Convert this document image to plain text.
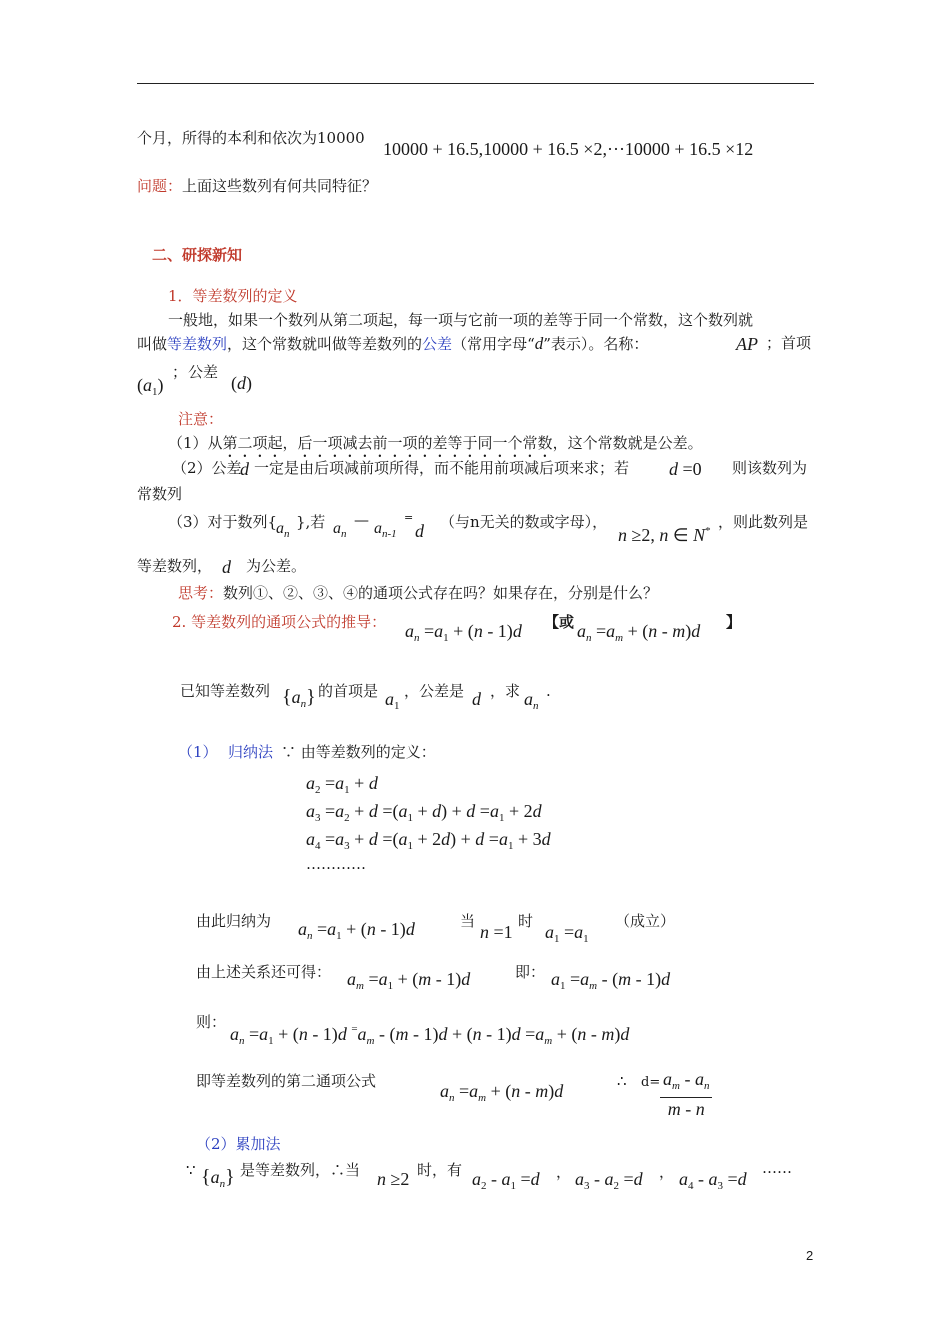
个月，所得的本利和依次为10000
10000 + 16.5,10000 + 16.5 ×2,···10000 + 16.5 ×12
问题：上面这些数列有何共同特征？
二、研探新知
1．等差数列的定义
一般地，如果一个数列从第二项起，每一项与它前一项的差等于同一个常数，这个数列就
叫做等差数列，这个常数就叫做等差数列的公差（常用字母“d”表示）。名称：	AP ；首项
$(a_1)$
； 公差
(d)
注意：
（1）从第二项起，后一项减去前一项的差等于同一个常数，这个常数就是公差。
（2）公差
d 一定是由后项减前项所得，而不能用前项减后项来求；若 d =0 则该数列为
常数列
（3）对于数列{
$a_n$
},若 $a_n$
— $a_{n-1}$
=
d （与n无关的数或字母），
n ≥2, n ∈ N* ，则此数列是
等差数列， d 为公差。
思考：数列①、②、③、④的通项公式存在吗？如果存在，分别是什么？
2. 等差数列的通项公式的推导： $a_n =a_1 + (n - 1)d$ 【或 $a_n =a_m + (n - m)d$ 】
已知等差数列 $\{a_n\}$ 的首项是 $a_1$
，公差是 d ，求 $a_n$
.
（1） 归纳法 ∵ 由等差数列的定义：
$a_2 =a_1 + d$
$a_3 =a_2 + d =(a_1 + d) + d =a_1 + 2d$
$a_4 =a_3 + d =(a_1 + 2d) + d =a_1 + 3d$
…………
由此归纳为 $a_n =a_1 + (n - 1)d$	当
n =1
时
$a_1 =a_1$
（成立）
由上述关系还可得： $a_m =a_1 + (m - 1)d$	即： $a_1 =a_m - (m - 1)d$
则：
$a_n =a_1 + (n - 1)d$ $^=a_m - (m - 1)d + (n - 1)d =a_m + (n - m)d$
即等差数列的第二通项公式	$a_n =a_m + (n - m)d$	∴ $d= \frac{a_m - a_n}{m - n}$
（2）累加法
∵ $\{a_n\}$ 是等差数列，∴当 n ≥2 时，有 $a_2 - a_1 =d$ ， $a_3 - a_2 =d$ ， $a_4 - a_3 =d$
……
2
